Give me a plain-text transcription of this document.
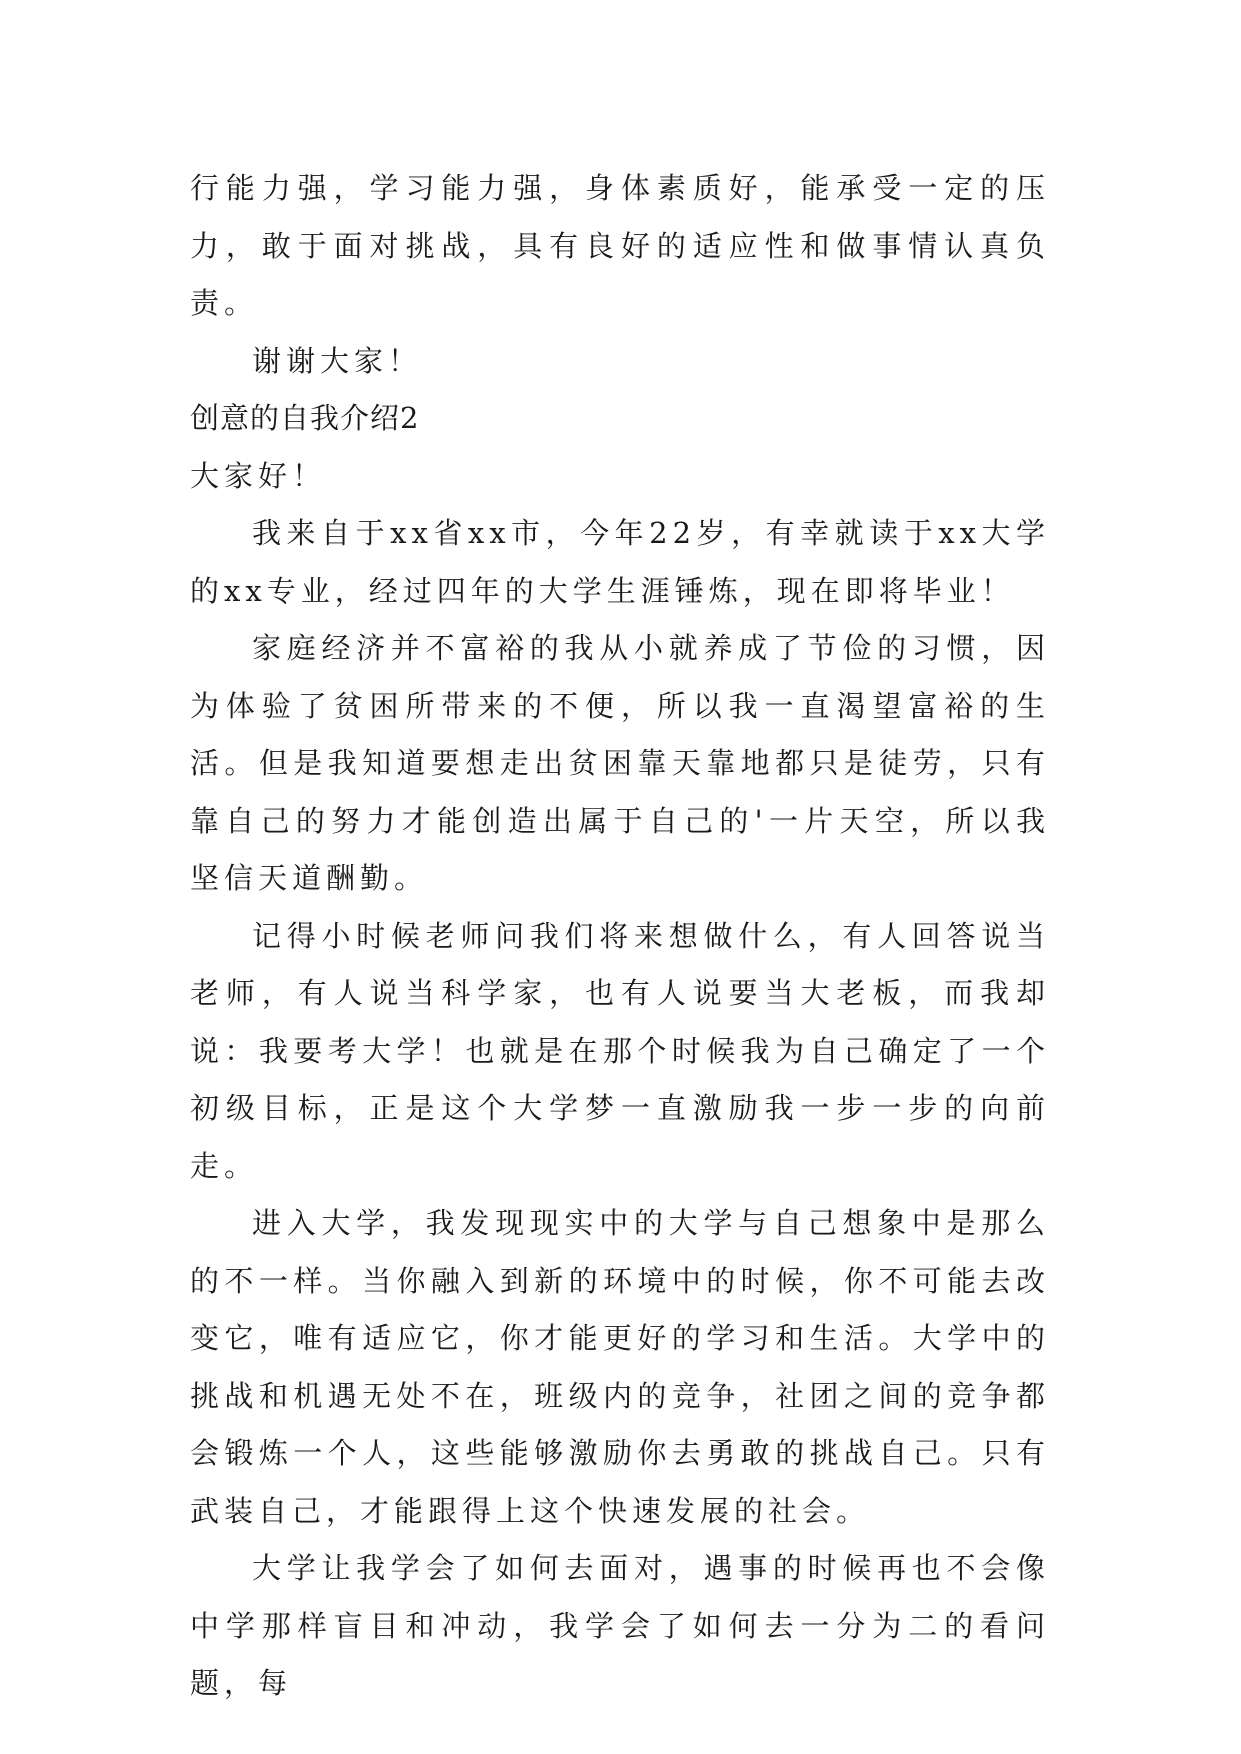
行能力强，学习能力强，身体素质好，能承受一定的压力，敢于面对挑战，具有良好的适应性和做事情认真负责。

谢谢大家！

创意的自我介绍2

大家好！

我来自于xx省xx市，今年22岁，有幸就读于xx大学的xx专业，经过四年的大学生涯锤炼，现在即将毕业！

家庭经济并不富裕的我从小就养成了节俭的习惯，因为体验了贫困所带来的不便，所以我一直渴望富裕的生活。但是我知道要想走出贫困靠天靠地都只是徒劳，只有靠自己的努力才能创造出属于自己的'一片天空，所以我坚信天道酬勤。

记得小时候老师问我们将来想做什么，有人回答说当老师，有人说当科学家，也有人说要当大老板，而我却说：我要考大学！也就是在那个时候我为自己确定了一个初级目标，正是这个大学梦一直激励我一步一步的向前走。

进入大学，我发现现实中的大学与自己想象中是那么的不一样。当你融入到新的环境中的时候，你不可能去改变它，唯有适应它，你才能更好的学习和生活。大学中的挑战和机遇无处不在，班级内的竞争，社团之间的竞争都会锻炼一个人，这些能够激励你去勇敢的挑战自己。只有武装自己，才能跟得上这个快速发展的社会。

大学让我学会了如何去面对，遇事的时候再也不会像中学那样盲目和冲动，我学会了如何去一分为二的看问题，每
